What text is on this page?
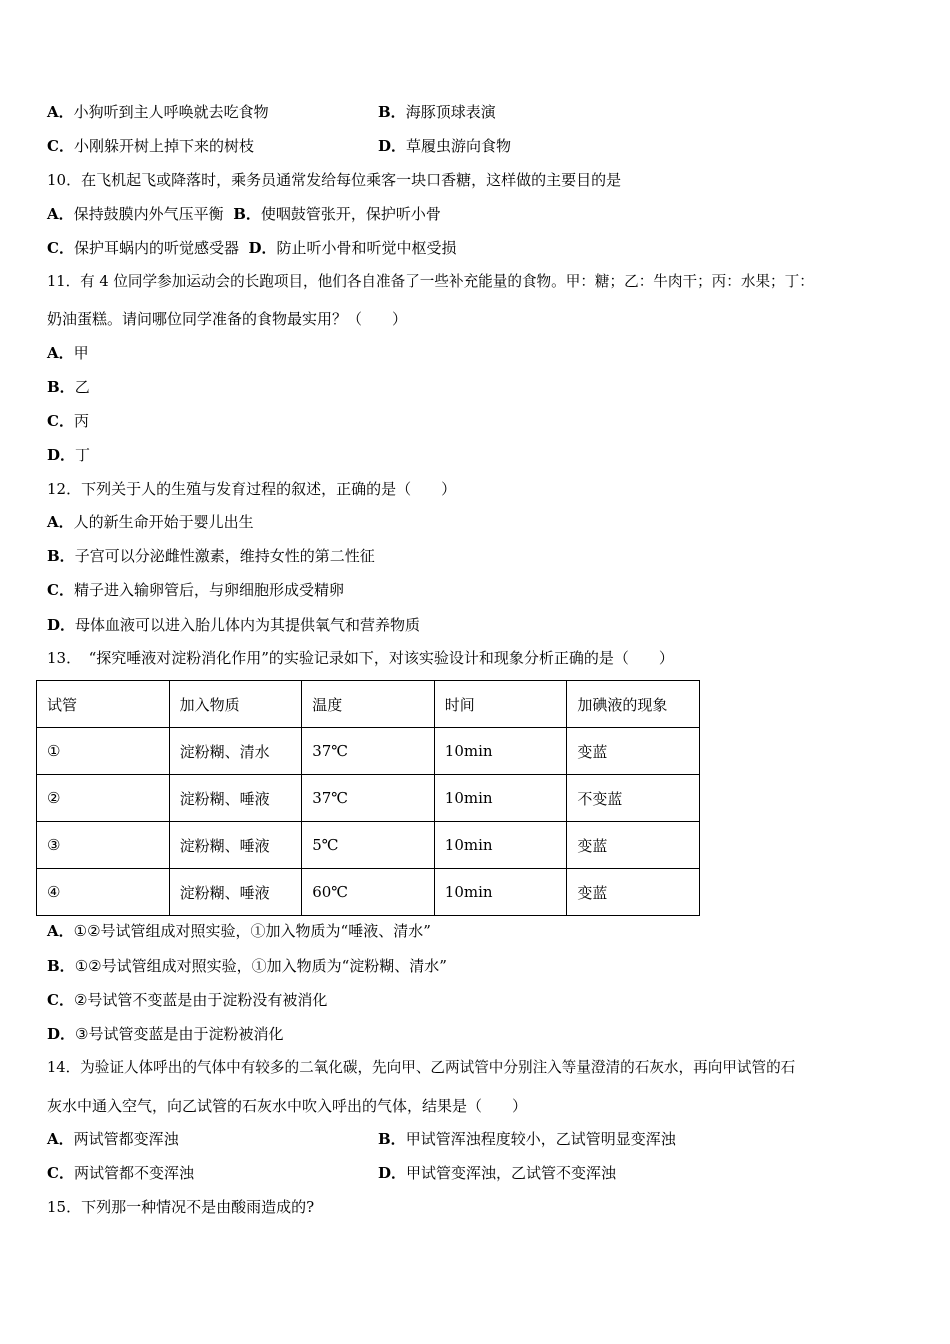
A．小狗听到主人呼唤就去吃食物	B．海豚顶球表演
C．小刚躲开树上掉下来的树枝	D．草履虫游向食物
10．在飞机起飞或降落时，乘务员通常发给每位乘客一块口香糖，这样做的主要目的是
A．保持鼓膜内外气压平衡 B．使咽鼓管张开，保护听小骨
C．保护耳蜗内的听觉感受器 D．防止听小骨和听觉中枢受损
11．有 4 位同学参加运动会的长跑项目，他们各自准备了一些补充能量的食物。甲：糖；乙：牛肉干；丙：水果；丁：
奶油蛋糕。请问哪位同学准备的食物最实用？（　　）
A．甲
B．乙
C．丙
D．丁
12．下列关于人的生殖与发育过程的叙述，正确的是（　　）
A．人的新生命开始于婴儿出生
B．子宫可以分泌雌性激素，维持女性的第二性征
C．精子进入输卵管后，与卵细胞形成受精卵
D．母体血液可以进入胎儿体内为其提供氧气和营养物质
13．　“探究唾液对淀粉消化作用”的实验记录如下，对该实验设计和现象分析正确的是（　　）
试管	加入物质	温度	时间	加碘液的现象
①	淀粉糊、清水	37℃	10min	变蓝
②	淀粉糊、唾液	37℃	10min	不变蓝
③	淀粉糊、唾液	5℃	10min	变蓝
④	淀粉糊、唾液	60℃	10min	变蓝
A．①②号试管组成对照实验，①加入物质为“唾液、清水”
B．①②号试管组成对照实验，①加入物质为“淀粉糊、清水”
C．②号试管不变蓝是由于淀粉没有被消化
D．③号试管变蓝是由于淀粉被消化
14．为验证人体呼出的气体中有较多的二氧化碳，先向甲、乙两试管中分别注入等量澄清的石灰水，再向甲试管的石
灰水中通入空气，向乙试管的石灰水中吹入呼出的气体，结果是（　　）
A．两试管都变浑浊	B．甲试管浑浊程度较小，乙试管明显变浑浊
C．两试管都不变浑浊	D．甲试管变浑浊，乙试管不变浑浊
15．下列那一种情况不是由酸雨造成的?
